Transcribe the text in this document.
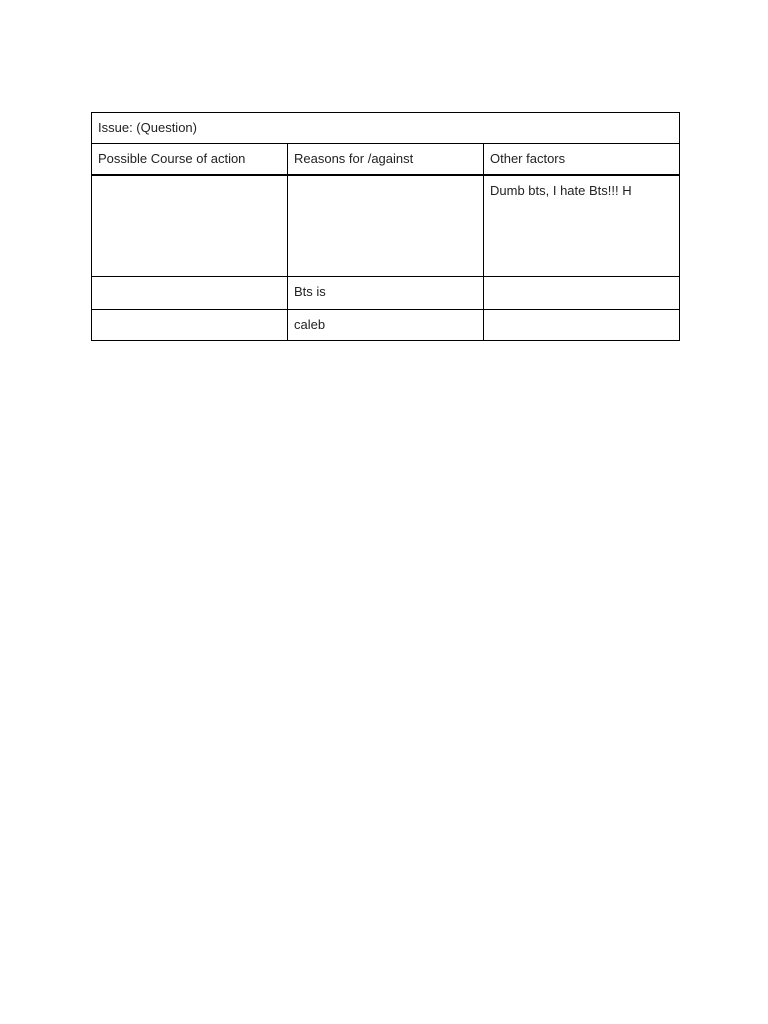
Issue: (Question)		
Possible Course of action	Reasons for /against	Other factors
		Dumb bts, I hate Bts!!! H
	Bts is	
	caleb	
